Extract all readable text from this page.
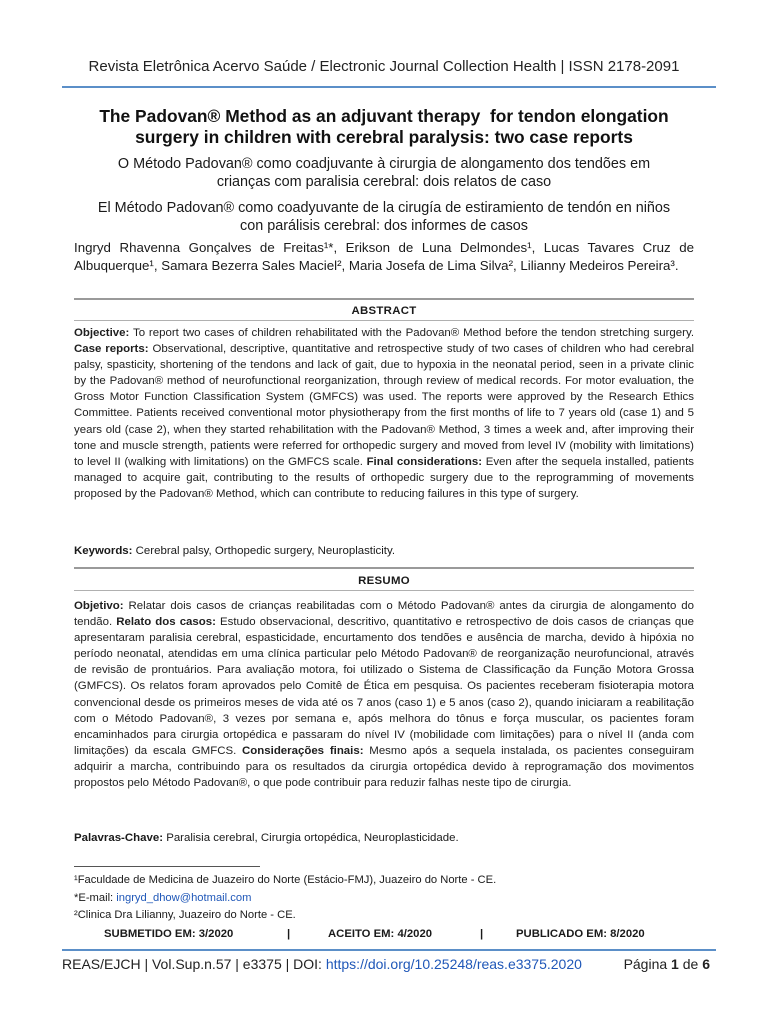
Revista Eletrônica Acervo Saúde / Electronic Journal Collection Health | ISSN 2178-2091
The Padovan® Method as an adjuvant therapy  for tendon elongation
surgery in children with cerebral paralysis: two case reports
O Método Padovan® como coadjuvante à cirurgia de alongamento dos tendões em
crianças com paralisia cerebral: dois relatos de caso
El Método Padovan® como coadyuvante de la cirugía de estiramiento de tendón en niños
con parálisis cerebral: dos informes de casos
Ingryd Rhavenna Gonçalves de Freitas¹*, Erikson de Luna Delmondes¹, Lucas Tavares Cruz de Albuquerque¹, Samara Bezerra Sales Maciel², Maria Josefa de Lima Silva², Lilianny Medeiros Pereira³.
ABSTRACT
Objective: To report two cases of children rehabilitated with the Padovan® Method before the tendon stretching surgery. Case reports: Observational, descriptive, quantitative and retrospective study of two cases of children who had cerebral palsy, spasticity, shortening of the tendons and lack of gait, due to hypoxia in the neonatal period, seen in a private clinic by the Padovan® method of neurofunctional reorganization, through review of medical records. For motor evaluation, the Gross Motor Function Classification System (GMFCS) was used. The reports were approved by the Research Ethics Committee. Patients received conventional motor physiotherapy from the first months of life to 7 years old (case 1) and 5 years old (case 2), when they started rehabilitation with the Padovan® Method, 3 times a week and, after improving their tone and muscle strength, patients were referred for orthopedic surgery and moved from level IV (mobility with limitations) to level II (walking with limitations) on the GMFCS scale. Final considerations: Even after the sequela installed, patients managed to acquire gait, contributing to the results of orthopedic surgery due to the reprogramming of movements proposed by the Padovan® Method, which can contribute to reducing failures in this type of surgery.
Keywords: Cerebral palsy, Orthopedic surgery, Neuroplasticity.
RESUMO
Objetivo: Relatar dois casos de crianças reabilitadas com o Método Padovan® antes da cirurgia de alongamento do tendão. Relato dos casos: Estudo observacional, descritivo, quantitativo e retrospectivo de dois casos de crianças que apresentaram paralisia cerebral, espasticidade, encurtamento dos tendões e ausência de marcha, devido à hipóxia no período neonatal, atendidas em uma clínica particular pelo Método Padovan® de reorganização neurofuncional, através de revisão de prontuários. Para avaliação motora, foi utilizado o Sistema de Classificação da Função Motora Grossa (GMFCS). Os relatos foram aprovados pelo Comitê de Ética em pesquisa. Os pacientes receberam fisioterapia motora convencional desde os primeiros meses de vida até os 7 anos (caso 1) e 5 anos (caso 2), quando iniciaram a reabilitação com o Método Padovan®, 3 vezes por semana e, após melhora do tônus e força muscular, os pacientes foram encaminhados para cirurgia ortopédica e passaram do nível IV (mobilidade com limitações) para o nível II (anda com limitações) da escala GMFCS. Considerações finais: Mesmo após a sequela instalada, os pacientes conseguiram adquirir a marcha, contribuindo para os resultados da cirurgia ortopédica devido à reprogramação dos movimentos propostos pelo Método Padovan®, o que pode contribuir para reduzir falhas neste tipo de cirurgia.
Palavras-Chave: Paralisia cerebral, Cirurgia ortopédica, Neuroplasticidade.
¹Faculdade de Medicina de Juazeiro do Norte (Estácio-FMJ), Juazeiro do Norte - CE.
*E-mail: ingryd_dhow@hotmail.com
²Clinica Dra Lilianny, Juazeiro do Norte - CE.
SUBMETIDO EM: 3/2020	|	ACEITO EM: 4/2020	|	PUBLICADO EM: 8/2020
REAS/EJCH | Vol.Sup.n.57 | e3375 | DOI: https://doi.org/10.25248/reas.e3375.2020	Página 1 de 6
